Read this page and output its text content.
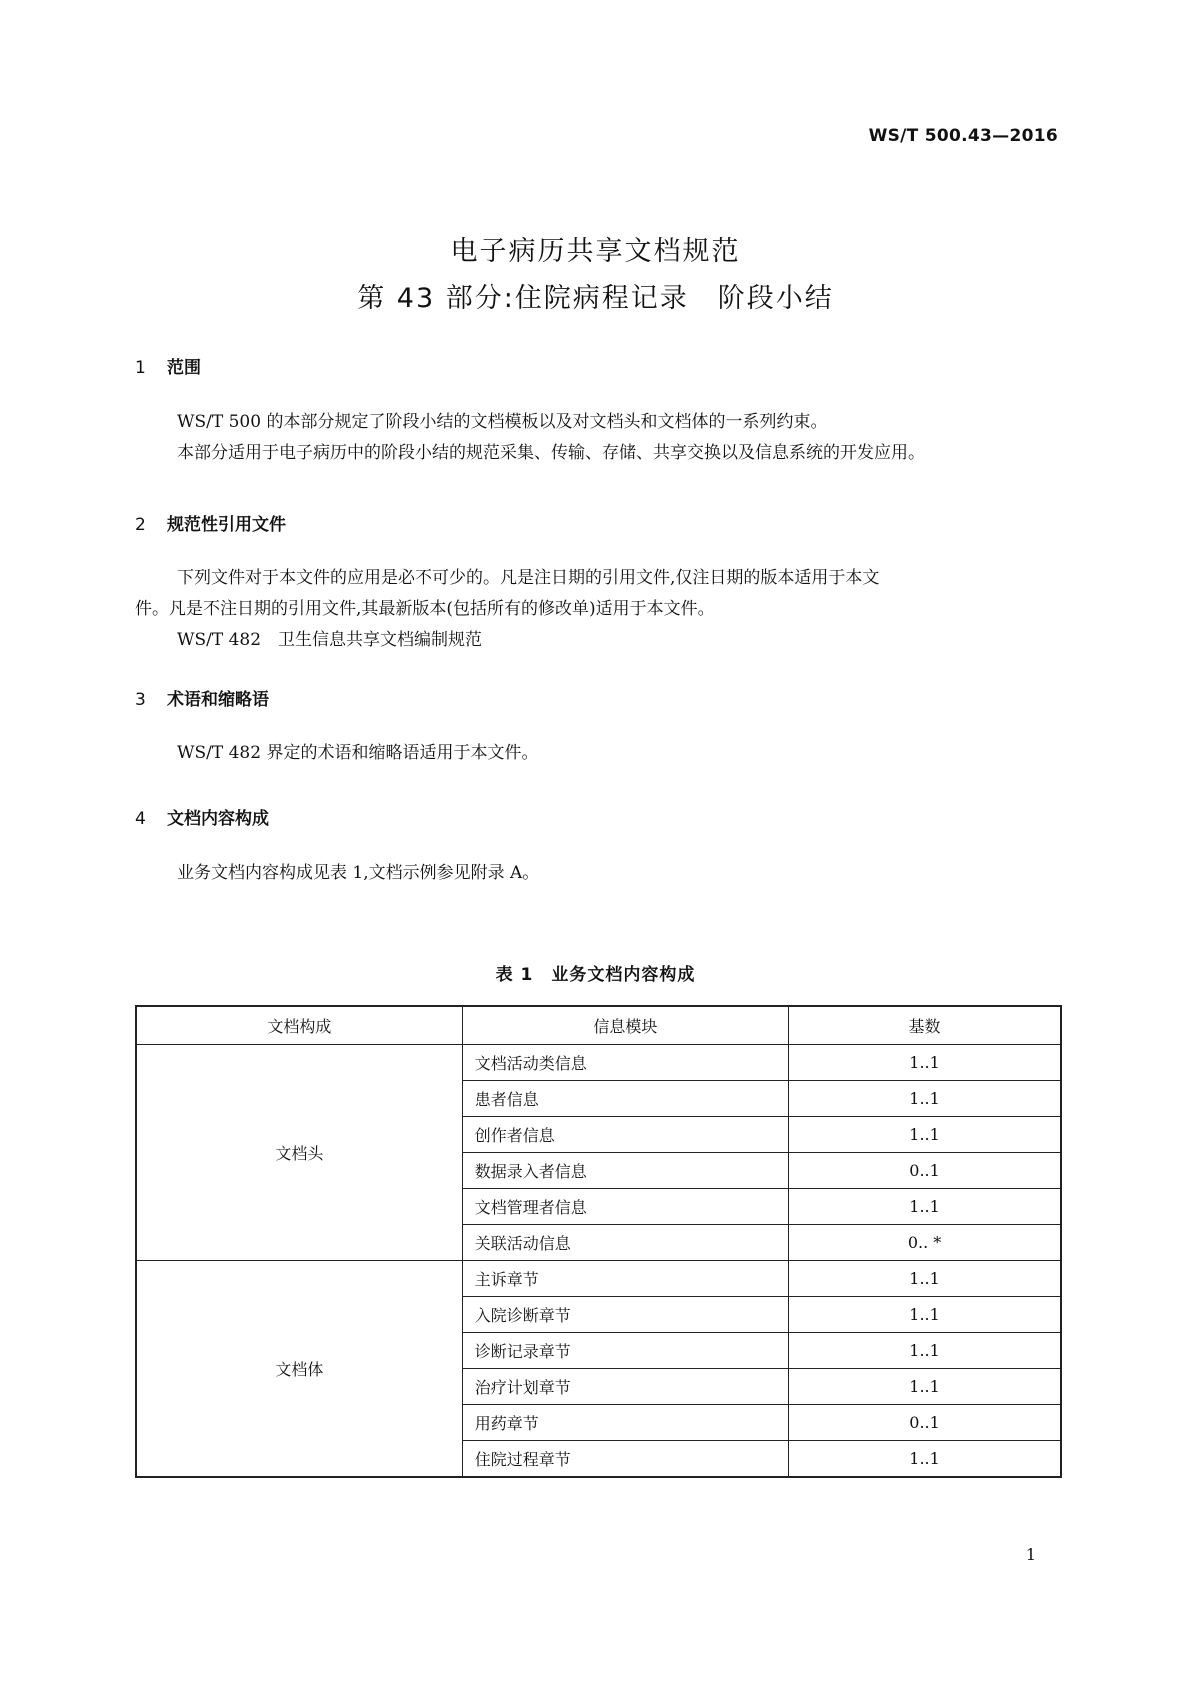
WS/T 500.43—2016
电子病历共享文档规范
第 43 部分:住院病程记录　阶段小结
1 范围
WS/T 500 的本部分规定了阶段小结的文档模板以及对文档头和文档体的一系列约束。
本部分适用于电子病历中的阶段小结的规范采集、传输、存储、共享交换以及信息系统的开发应用。
2 规范性引用文件
下列文件对于本文件的应用是必不可少的。凡是注日期的引用文件,仅注日期的版本适用于本文
件。凡是不注日期的引用文件,其最新版本(包括所有的修改单)适用于本文件。
WS/T 482　卫生信息共享文档编制规范
3 术语和缩略语
WS/T 482 界定的术语和缩略语适用于本文件。
4 文档内容构成
业务文档内容构成见表 1,文档示例参见附录 A。
表 1　业务文档内容构成
文档构成	信息模块	基数
文档头	文档活动类信息	1..1
	患者信息	1..1
	创作者信息	1..1
	数据录入者信息	0..1
	文档管理者信息	1..1
	关联活动信息	0.. *
文档体	主诉章节	1..1
	入院诊断章节	1..1
	诊断记录章节	1..1
	治疗计划章节	1..1
	用药章节	0..1
	住院过程章节	1..1
1
